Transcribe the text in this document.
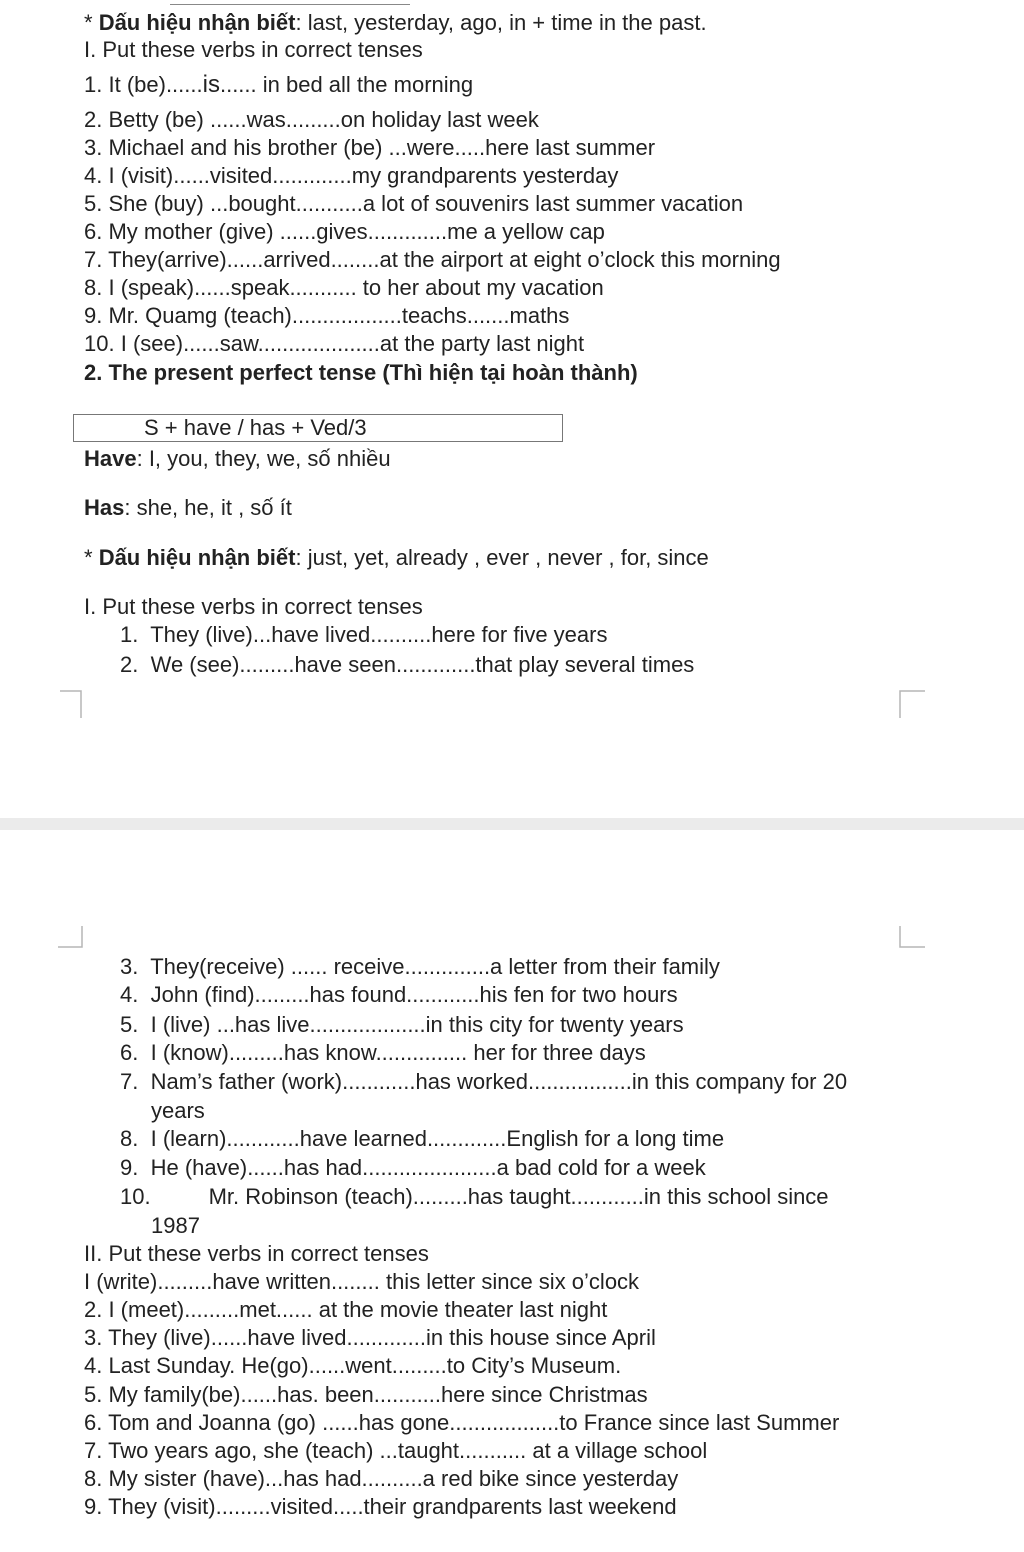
* Dấu hiệu nhận biết: last, yesterday, ago, in + time in the past.
I. Put these verbs in correct tenses
1. It (be)......is...... in bed all the morning
2. Betty (be) ......was.........on holiday last week
3. Michael and his brother (be) ...were.....here last summer
4. I (visit)......visited.............my grandparents yesterday
5. She (buy) ...bought...........a lot of souvenirs last summer vacation
6. My mother (give) ......gives.............me a yellow cap
7. They(arrive)......arrived........at the airport at eight o’clock this morning
8. I (speak)......speak........... to her about my vacation
9. Mr. Quamg (teach)..................teachs.......maths
10. I (see)......saw....................at the party last night
2. The present perfect tense (Thì hiện tại hoàn thành)
S + have / has + Ved/3
Have: I, you, they, we, số nhiều
Has: she, he, it , số ít
* Dấu hiệu nhận biết: just, yet, already , ever , never , for, since
I. Put these verbs in correct tenses
1. They (live)...have lived..........here for five years
2. We (see).........have seen.............that play several times
3. They(receive) ...... receive..............a letter from their family
4. John (find).........has found............his fen for two hours
5. I (live) ...has live...................in this city for twenty years
6. I (know).........has know............... her for three days
7. Nam’s father (work)............has worked.................in this company for 20
years
8. I (learn)............have learned.............English for a long time
9. He (have)......has had......................a bad cold for a week
10.	Mr. Robinson (teach).........has taught............in this school since
1987
II. Put these verbs in correct tenses
I (write).........have written........ this letter since six o’clock
2. I (meet).........met...... at the movie theater last night
3. They (live)......have lived.............in this house since April
4. Last Sunday. He(go)......went.........to City’s Museum.
5. My family(be)......has. been...........here since Christmas
6. Tom and Joanna (go) ......has gone..................to France since last Summer
7. Two years ago, she (teach) ...taught........... at a village school
8. My sister (have)...has had..........a red bike since yesterday
9. They (visit).........visited.....their grandparents last weekend
